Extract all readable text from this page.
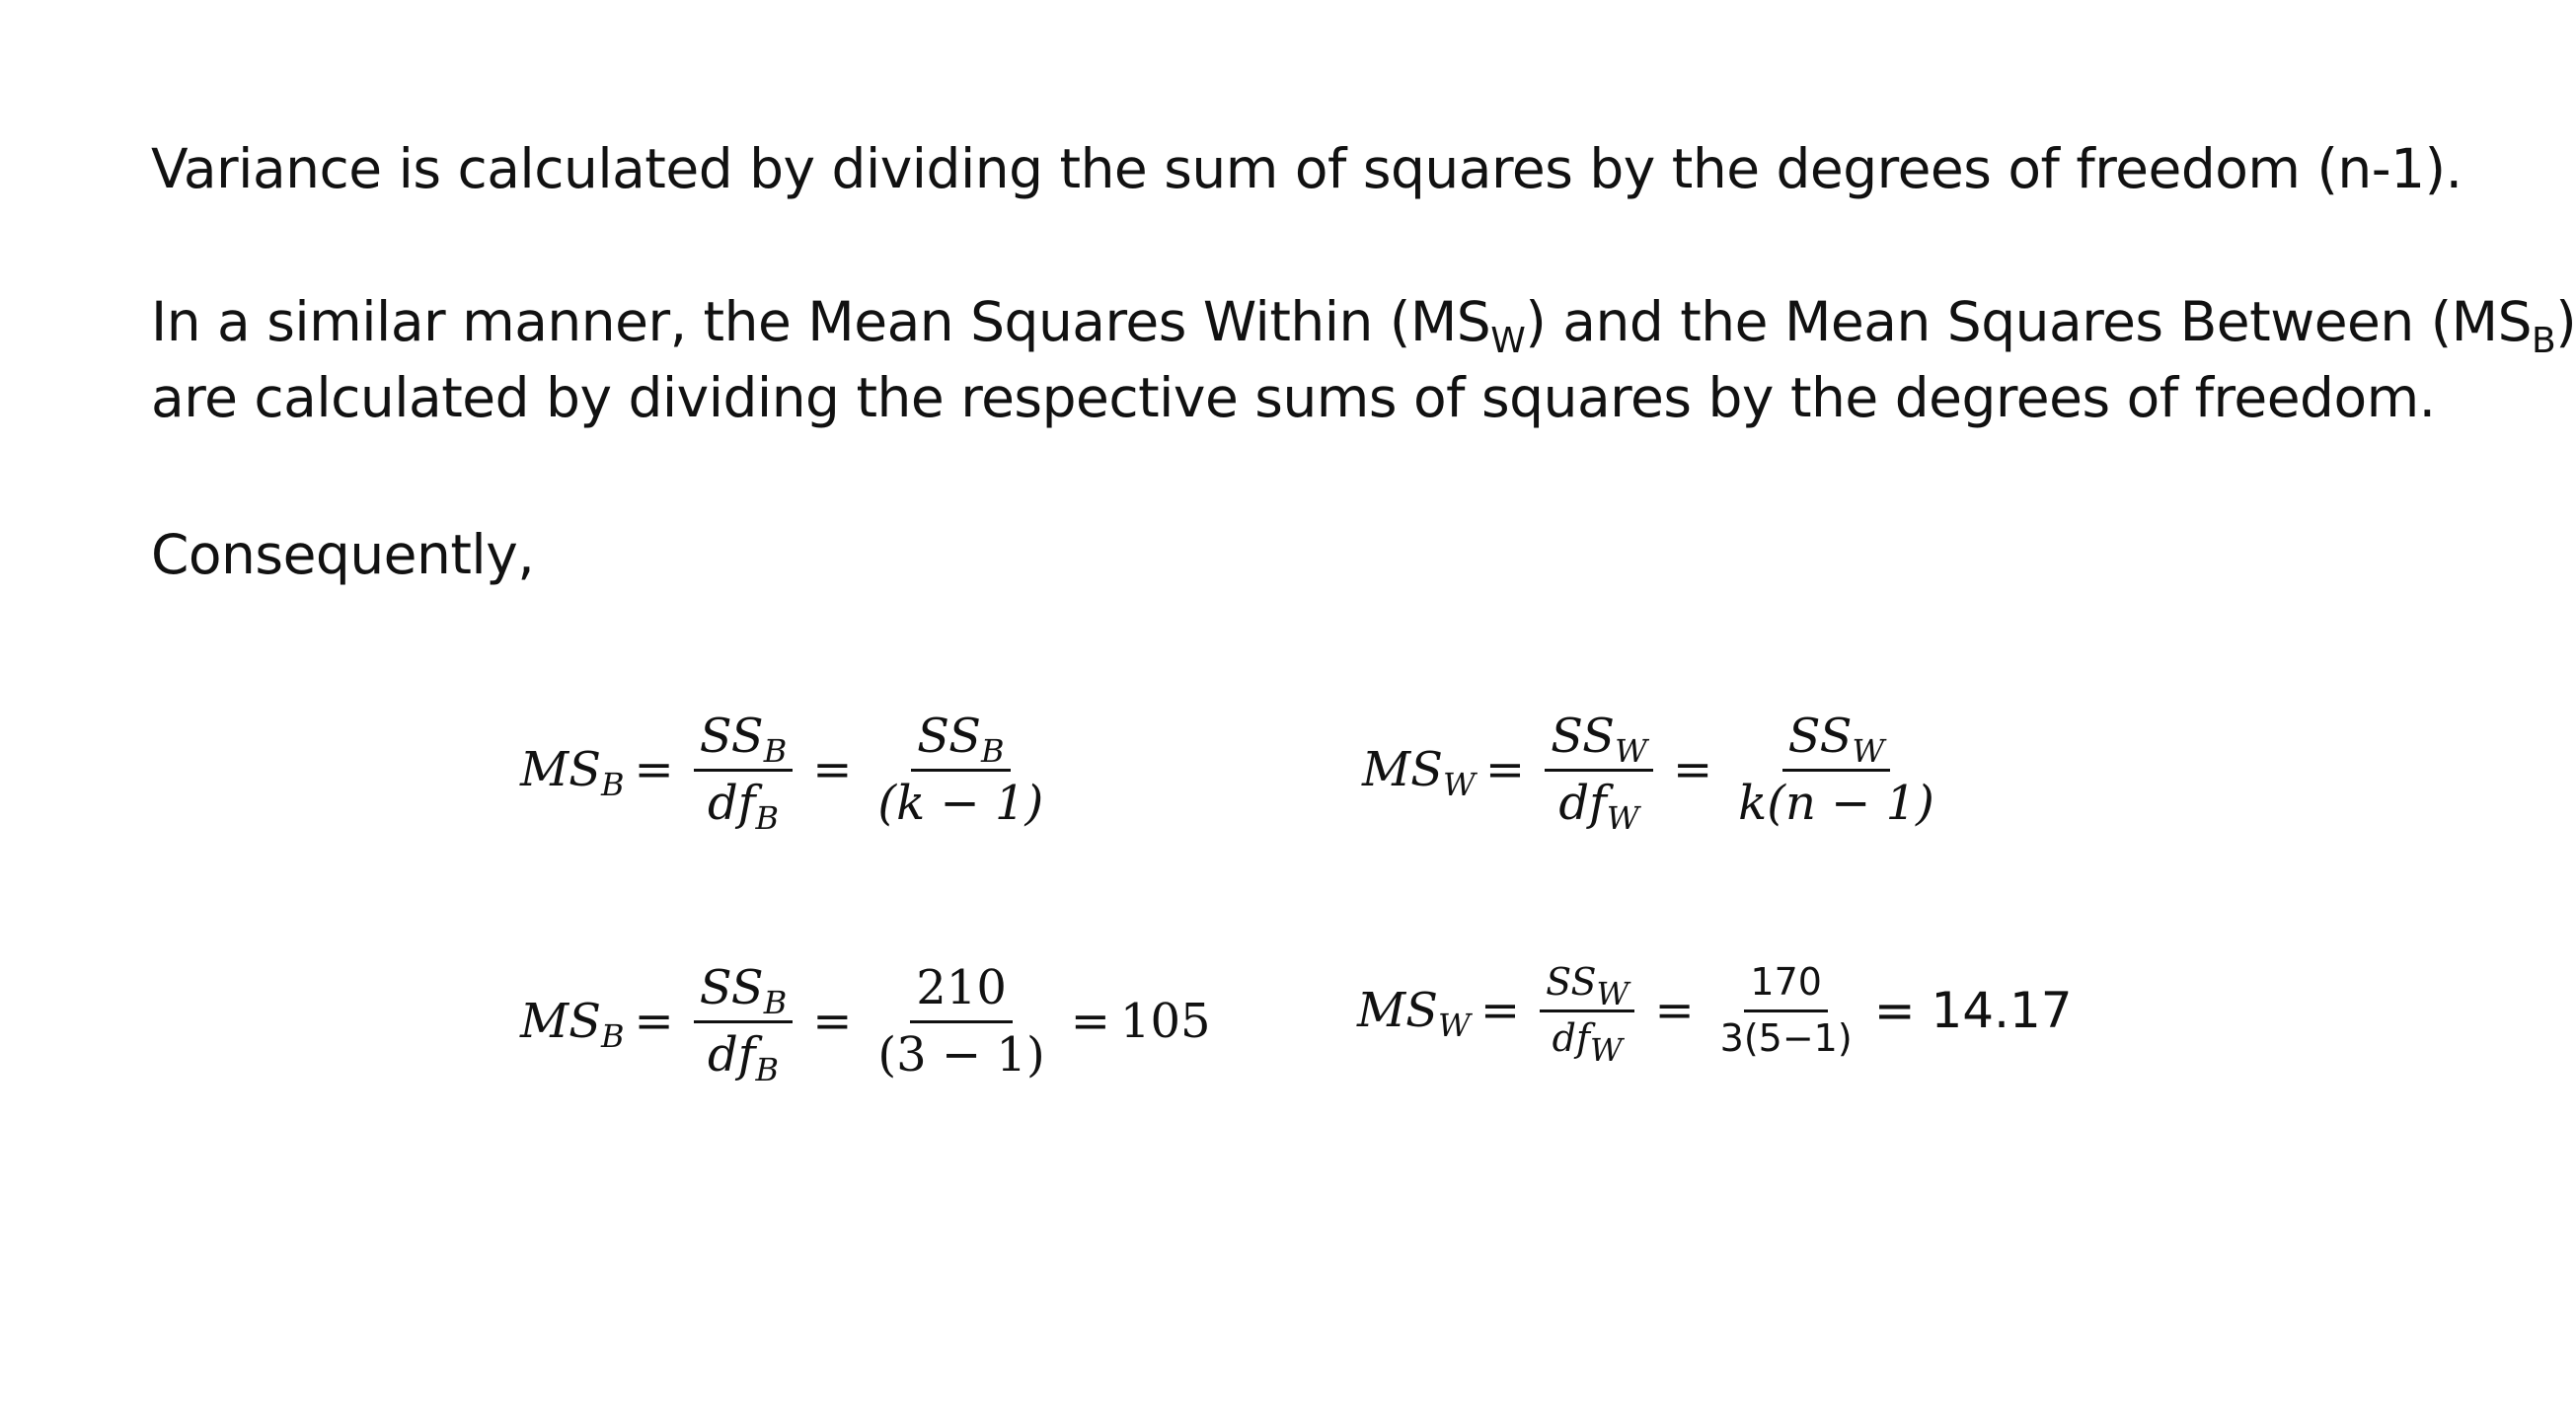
Variance is calculated by dividing the sum of squares by the degrees of freedom (n-1).
In a similar manner, the Mean Squares Within $(MS_W)$ and the Mean Squares Between $(MS_B)$
are calculated by dividing the respective sums of squares by the degrees of freedom.
Consequently,
$MS_B = \frac{SS_B}{df_B} = \frac{SS_B}{(k - 1)}$	$MS_W = \frac{SS_W}{df_W} = \frac{SS_W}{k(n - 1)}$
$MS_B = \frac{SS_B}{df_B} = \frac{210}{(3 - 1)} = 105$	$MS_W = \frac{SS_W}{df_W} = \frac{170}{3(5-1)} = 14.17$
